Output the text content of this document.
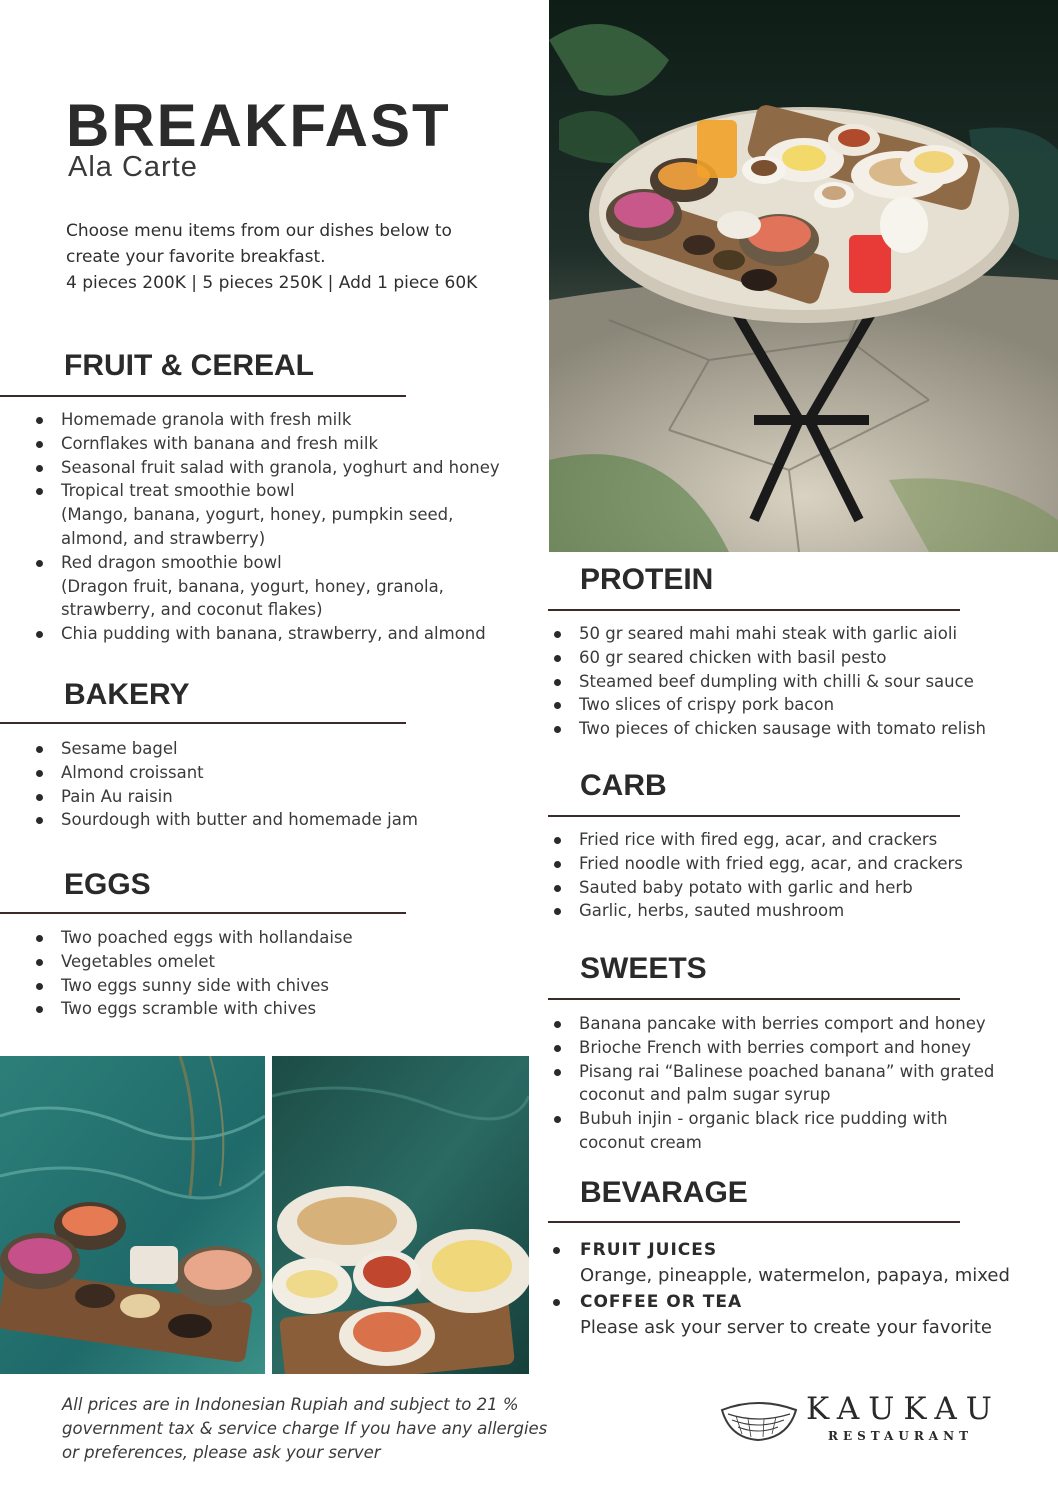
BREAKFAST
Ala Carte
Choose menu items from our dishes below to
create your favorite breakfast.
4 pieces 200K | 5 pieces 250K | Add 1 piece 60K
FRUIT & CEREAL
Homemade granola with fresh milk
Cornflakes with banana and fresh milk
Seasonal fruit salad with granola, yoghurt and honey
Tropical treat smoothie bowl
(Mango, banana, yogurt, honey, pumpkin seed,
almond, and strawberry)
Red dragon smoothie bowl
(Dragon fruit, banana, yogurt, honey, granola,
strawberry, and coconut flakes)
Chia pudding with banana, strawberry, and almond
BAKERY
Sesame bagel
Almond croissant
Pain Au raisin
Sourdough with butter and homemade jam
EGGS
Two poached eggs with hollandaise
Vegetables omelet
Two eggs sunny side with chives
Two eggs scramble with chives
PROTEIN
50 gr seared mahi mahi steak with garlic aioli
60 gr seared chicken with basil pesto
Steamed beef dumpling with chilli & sour sauce
Two slices of crispy pork bacon
Two pieces of chicken sausage with tomato relish
CARB
Fried rice with fired egg, acar, and crackers
Fried noodle with fried egg, acar, and crackers
Sauted baby potato with garlic and herb
Garlic, herbs, sauted mushroom
SWEETS
Banana pancake with berries comport and honey
Brioche French with berries comport and honey
Pisang rai “Balinese poached banana” with grated
coconut and palm sugar syrup
Bubuh injin - organic black rice pudding with
coconut cream
BEVARAGE
FRUIT JUICES
Orange, pineapple, watermelon, papaya, mixed
COFFEE OR TEA
Please ask your server to create your favorite
All prices are in Indonesian Rupiah and subject to 21 %
government tax & service charge If you have any allergies
or preferences, please ask your server
KAUKAU
RESTAURANT
